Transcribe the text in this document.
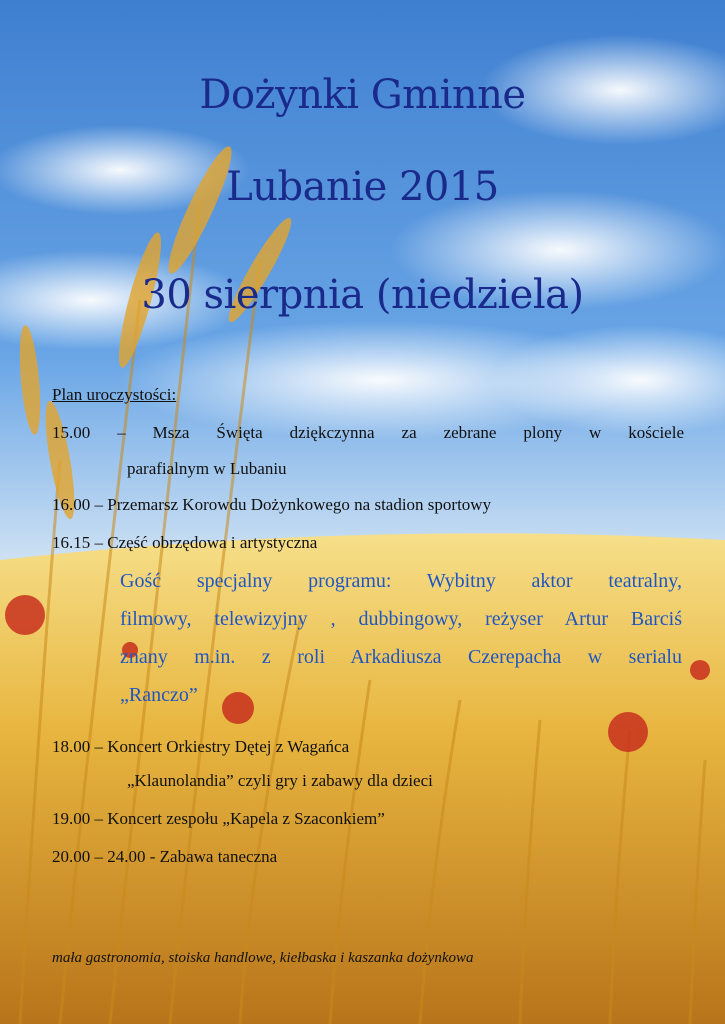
Dożynki Gminne
Lubanie 2015
30 sierpnia (niedziela)
Plan uroczystości:
15.00 – Msza Święta dziękczynna za zebrane plony w kościele
parafialnym w Lubaniu
16.00 – Przemarsz Korowdu Dożynkowego na stadion sportowy
16.15 – Część obrzędowa i artystyczna
Gość specjalny programu: Wybitny aktor teatralny,
filmowy, telewizyjny , dubbingowy, reżyser Artur Barciś
znany m.in. z roli Arkadiusza Czerepacha w serialu
„Ranczo”
18.00 – Koncert Orkiestry Dętej z Wagańca
„Klaunolandia” czyli gry i zabawy dla dzieci
19.00 – Koncert zespołu „Kapela z Szaconkiem”
20.00 – 24.00 - Zabawa taneczna
mała gastronomia, stoiska handlowe, kiełbaska i kaszanka dożynkowa
